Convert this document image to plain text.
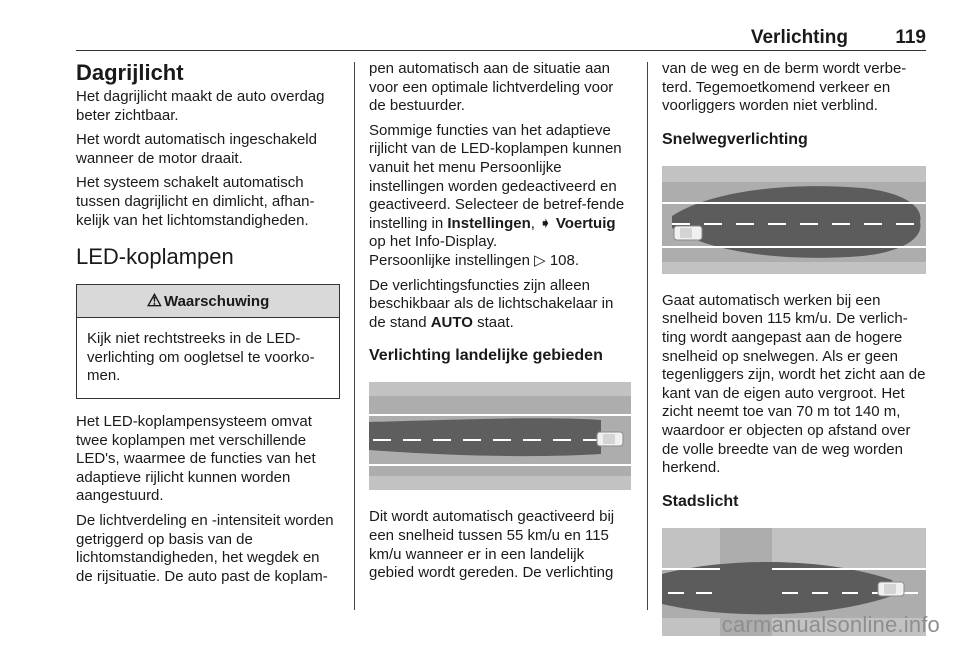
Verlichting 119
Dagrijlicht

Het dagrijlicht maakt de auto overdag beter zichtbaar.

Het wordt automatisch ingeschakeld wanneer de motor draait.

Het systeem schakelt automatisch tussen dagrijlicht en dimlicht, afhan-kelijk van het lichtomstandigheden.

LED-koplampen
⚠ Waarschuwing
Kijk niet rechtstreeks in de LED-verlichting om oogletsel te voorko-men.

Het LED-koplampensysteem omvat twee koplampen met verschillende LED's, waarmee de functies van het adaptieve rijlicht kunnen worden aangestuurd.

De lichtverdeling en -intensiteit worden getriggerd op basis van de lichtomstandigheden, het wegdek en de rijsituatie. De auto past de koplam-

pen automatisch aan de situatie aan voor een optimale lichtverdeling voor de bestuurder.

Sommige functies van het adaptieve rijlicht van de LED-koplampen kunnen vanuit het menu Persoonlijke instellingen worden gedeactiveerd en geactiveerd. Selecteer de betref-fende instelling in Instellingen, ➧ Voertuig op het Info-Display.
Persoonlijke instellingen ▷ 108.

De verlichtingsfuncties zijn alleen beschikbaar als de lichtschakelaar in de stand AUTO staat.

Verlichting landelijke gebieden

Dit wordt automatisch geactiveerd bij een snelheid tussen 55 km/u en 115 km/u wanneer er in een landelijk gebied wordt gereden. De verlichting

van de weg en de berm wordt verbe-terd. Tegemoetkomend verkeer en voorliggers worden niet verblind.

Snelwegverlichting

Gaat automatisch werken bij een snelheid boven 115 km/u. De verlich-ting wordt aangepast aan de hogere snelheid op snelwegen. Als er geen tegenliggers zijn, wordt het zicht aan de kant van de eigen auto vergroot. Het zicht neemt toe van 70 m tot 140 m, waardoor er objecten op afstand over de volle breedte van de weg worden herkend.

Stadslicht
carmanualsonline.info
